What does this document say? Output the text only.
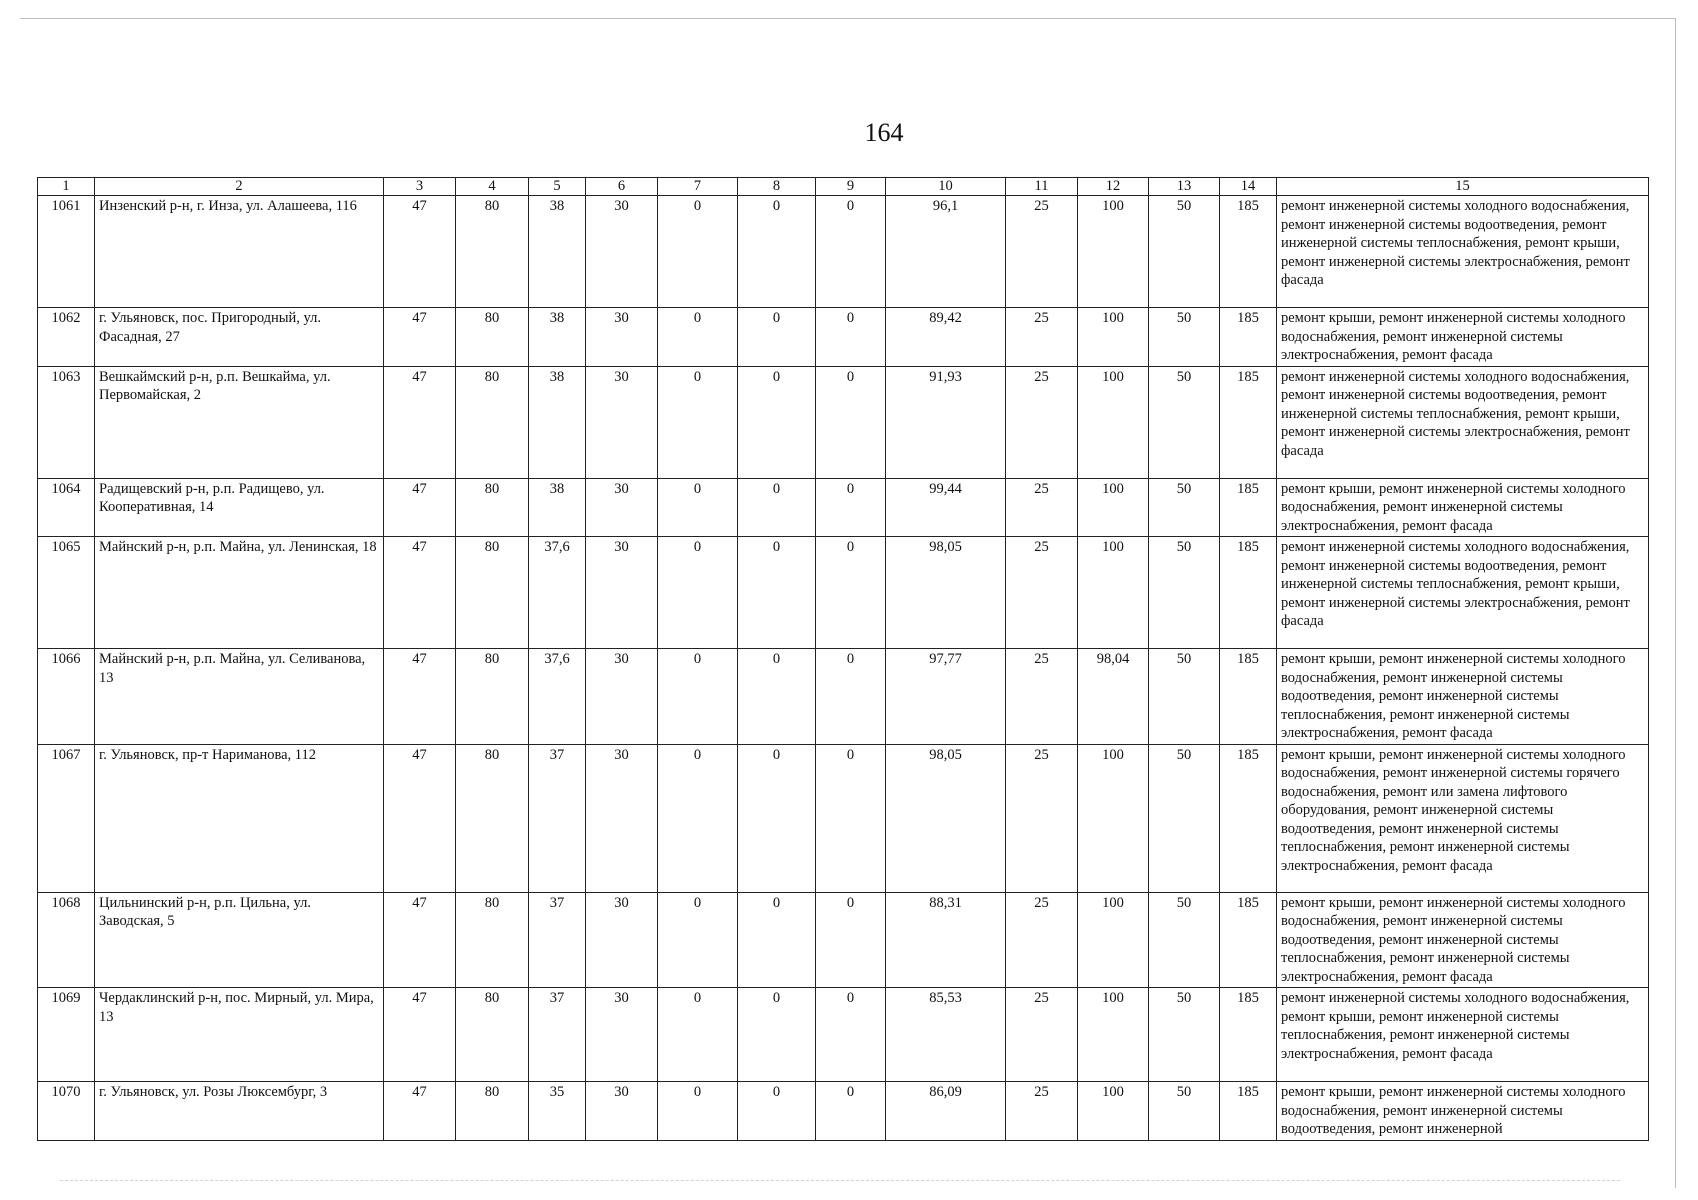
164
1	2	3	4	5	6	7	8	9	10	11	12	13	14	15
1061	Инзенский р-н, г. Инза, ул. Алашеева, 116	47	80	38	30	0	0	0	96,1	25	100	50	185	ремонт инженерной системы холодного водоснабжения, ремонт инженерной системы водоотведения, ремонт инженерной системы теплоснабжения, ремонт крыши, ремонт инженерной системы электроснабжения, ремонт фасада
1062	г. Ульяновск, пос. Пригородный, ул. Фасадная, 27	47	80	38	30	0	0	0	89,42	25	100	50	185	ремонт крыши, ремонт инженерной системы холодного водоснабжения, ремонт инженерной системы электроснабжения, ремонт фасада
1063	Вешкаймский р-н, р.п. Вешкайма, ул. Первомайская, 2	47	80	38	30	0	0	0	91,93	25	100	50	185	ремонт инженерной системы холодного водоснабжения, ремонт инженерной системы водоотведения, ремонт инженерной системы теплоснабжения, ремонт крыши, ремонт инженерной системы электроснабжения, ремонт фасада
1064	Радищевский р-н, р.п. Радищево, ул. Кооперативная, 14	47	80	38	30	0	0	0	99,44	25	100	50	185	ремонт крыши, ремонт инженерной системы холодного водоснабжения, ремонт инженерной системы электроснабжения, ремонт фасада
1065	Майнский р-н, р.п. Майна, ул. Ленинская, 18	47	80	37,6	30	0	0	0	98,05	25	100	50	185	ремонт инженерной системы холодного водоснабжения, ремонт инженерной системы водоотведения, ремонт инженерной системы теплоснабжения, ремонт крыши, ремонт инженерной системы электроснабжения, ремонт фасада
1066	Майнский р-н, р.п. Майна, ул. Селиванова, 13	47	80	37,6	30	0	0	0	97,77	25	98,04	50	185	ремонт крыши, ремонт инженерной системы холодного водоснабжения, ремонт инженерной системы водоотведения, ремонт инженерной системы теплоснабжения, ремонт инженерной системы электроснабжения, ремонт фасада
1067	г. Ульяновск, пр-т Нариманова, 112	47	80	37	30	0	0	0	98,05	25	100	50	185	ремонт крыши, ремонт инженерной системы холодного водоснабжения, ремонт инженерной системы горячего водоснабжения, ремонт или замена лифтового оборудования, ремонт инженерной системы водоотведения, ремонт инженерной системы теплоснабжения, ремонт инженерной системы электроснабжения, ремонт фасада
1068	Цильнинский р-н, р.п. Цильна, ул. Заводская, 5	47	80	37	30	0	0	0	88,31	25	100	50	185	ремонт крыши, ремонт инженерной системы холодного водоснабжения, ремонт инженерной системы водоотведения, ремонт инженерной системы теплоснабжения, ремонт инженерной системы электроснабжения, ремонт фасада
1069	Чердаклинский р-н, пос. Мирный, ул. Мира, 13	47	80	37	30	0	0	0	85,53	25	100	50	185	ремонт инженерной системы холодного водоснабжения, ремонт крыши, ремонт инженерной системы теплоснабжения, ремонт инженерной системы электроснабжения, ремонт фасада
1070	г. Ульяновск, ул. Розы Люксембург, 3	47	80	35	30	0	0	0	86,09	25	100	50	185	ремонт крыши, ремонт инженерной системы холодного водоснабжения, ремонт инженерной системы водоотведения, ремонт инженерной
